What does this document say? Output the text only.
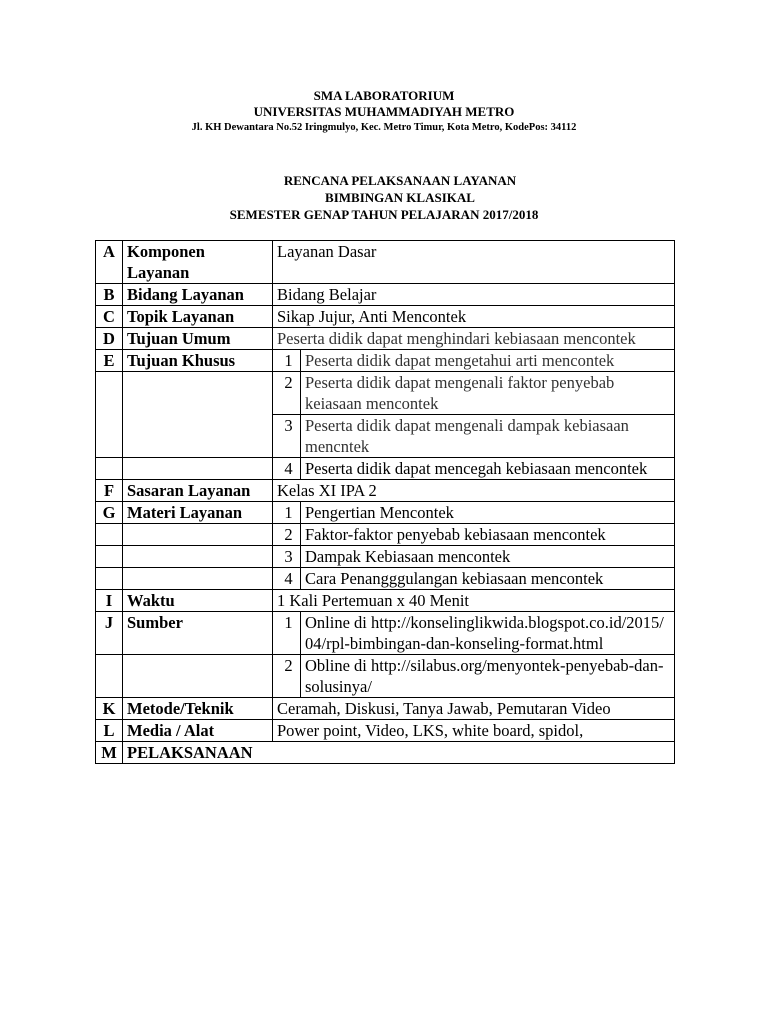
SMA LABORATORIUM
UNIVERSITAS MUHAMMADIYAH METRO
Jl. KH Dewantara No.52 Iringmulyo, Kec. Metro Timur, Kota Metro, KodePos: 34112
RENCANA PELAKSANAAN LAYANAN
BIMBINGAN KLASIKAL
SEMESTER GENAP TAHUN PELAJARAN 2017/2018
A	Komponen Layanan	Layanan Dasar
B	Bidang Layanan	Bidang Belajar
C	Topik Layanan	Sikap Jujur, Anti Mencontek
D	Tujuan Umum	Peserta didik dapat menghindari kebiasaan mencontek
E	Tujuan Khusus		1	Peserta didik dapat mengetahui arti mencontek

2	Peserta didik dapat mengenali faktor penyebab keiasaan mencontek

3	Peserta didik dapat mengenali dampak kebiasaan mencntek

4	Peserta didik dapat mencegah kebiasaan mencontek

F	Sasaran Layanan	Kelas XI IPA 2
G	Materi Layanan		1	Pengertian Mencontek

2	Faktor-faktor penyebab kebiasaan mencontek

3	Dampak Kebiasaan mencontek

4	Cara Penangggulangan kebiasaan mencontek

I	Waktu	1 Kali Pertemuan x 40 Menit
J	Sumber		1	Online di http://konselinglikwida.blogspot.co.id/2015/04/rpl-bimbingan-dan-konseling-format.html

2	Obline di http://silabus.org/menyontek-penyebab-dan-solusinya/

K	Metode/Teknik	Ceramah, Diskusi, Tanya Jawab, Pemutaran Video
L	Media / Alat	Power point, Video, LKS, white board, spidol,
M	PELAKSANAAN
